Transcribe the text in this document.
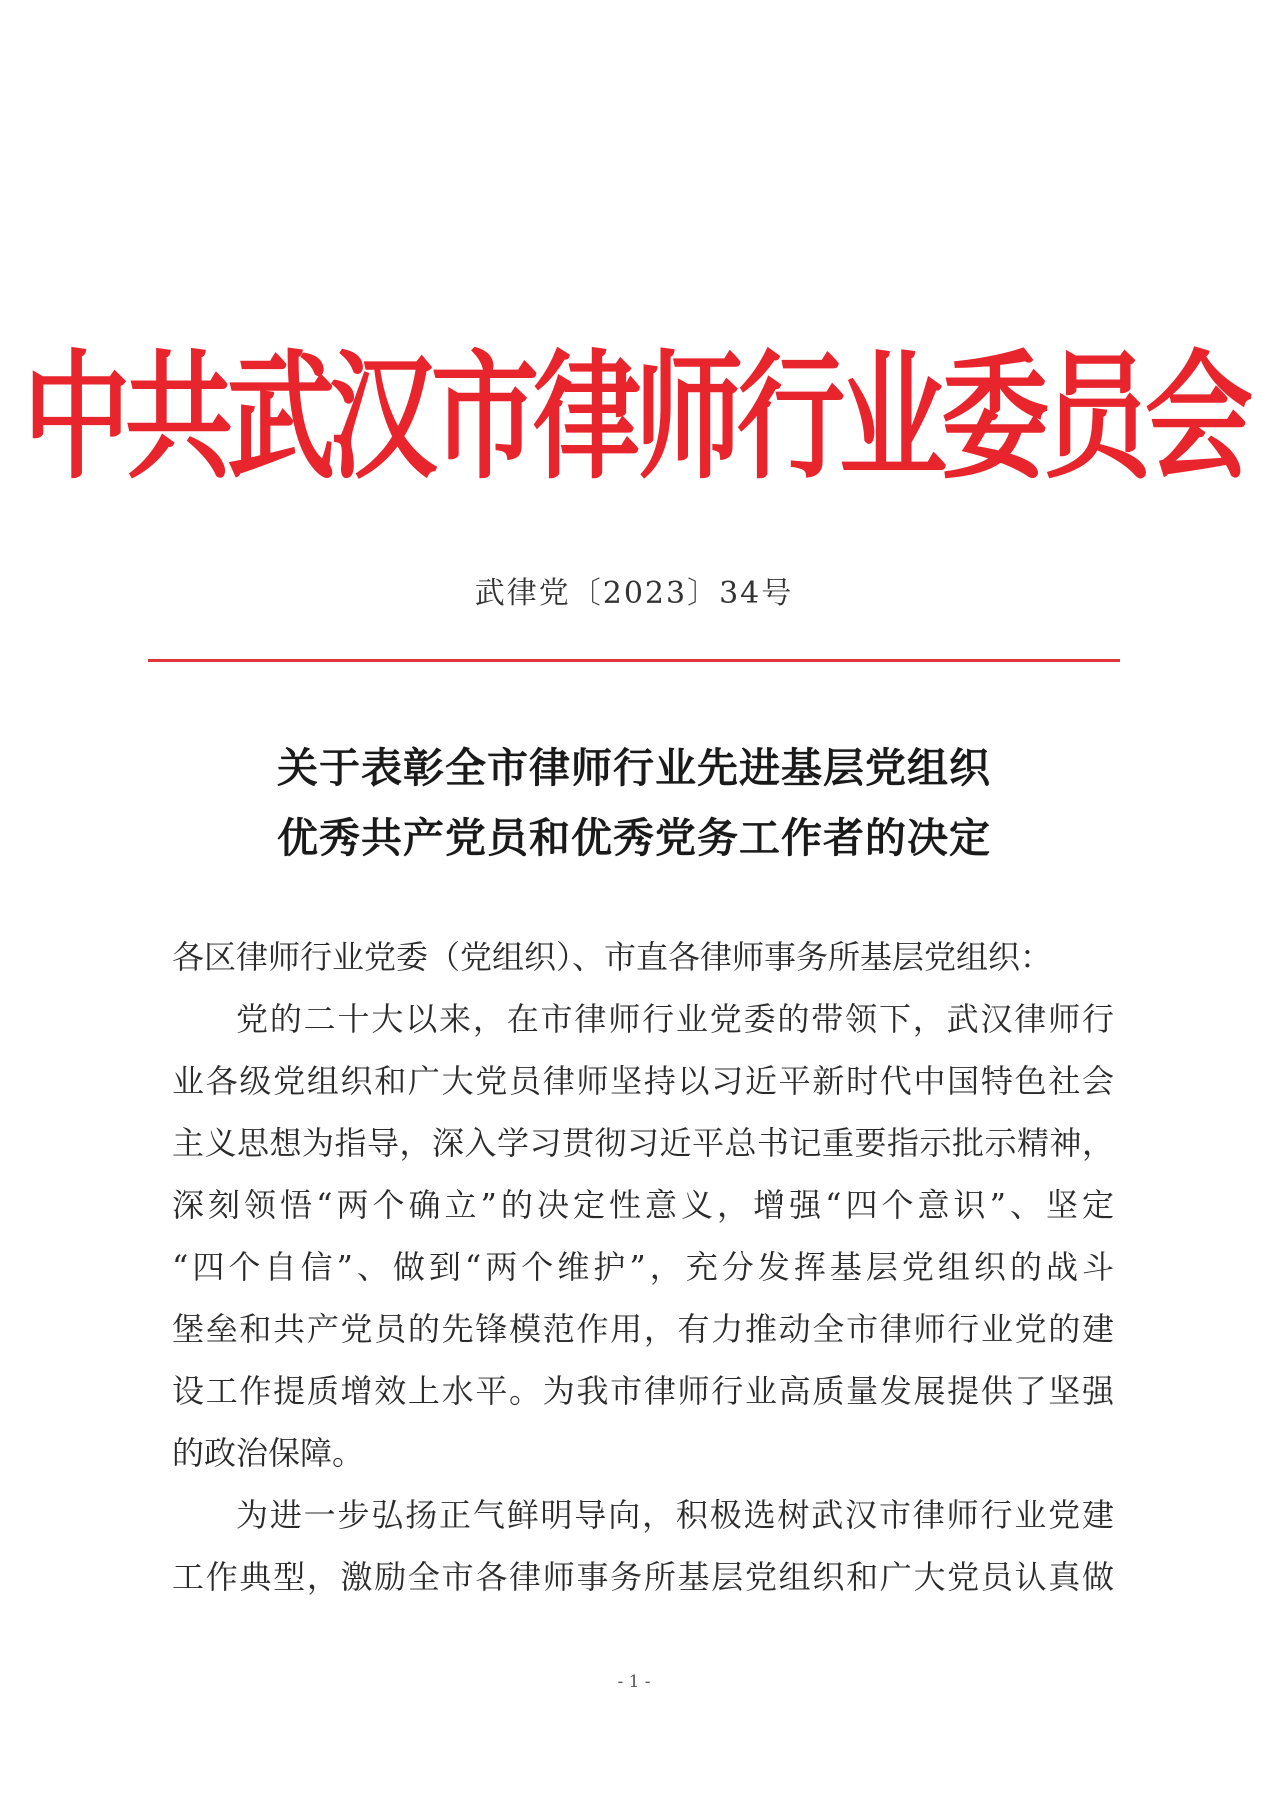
中共武汉市律师行业委员会
武律党〔2023〕34号
关于表彰全市律师行业先进基层党组织
优秀共产党员和优秀党务工作者的决定
各区律师行业党委（党组织）、市直各律师事务所基层党组织：
党的二十大以来，在市律师行业党委的带领下，武汉律师行
业各级党组织和广大党员律师坚持以习近平新时代中国特色社会
主义思想为指导，深入学习贯彻习近平总书记重要指示批示精神，
深刻领悟“两个确立”的决定性意义，增强“四个意识”、坚定
“四个自信”、做到“两个维护”，充分发挥基层党组织的战斗
堡垒和共产党员的先锋模范作用，有力推动全市律师行业党的建
设工作提质增效上水平。为我市律师行业高质量发展提供了坚强
的政治保障。
为进一步弘扬正气鲜明导向，积极选树武汉市律师行业党建
工作典型，激励全市各律师事务所基层党组织和广大党员认真做
- 1 -
